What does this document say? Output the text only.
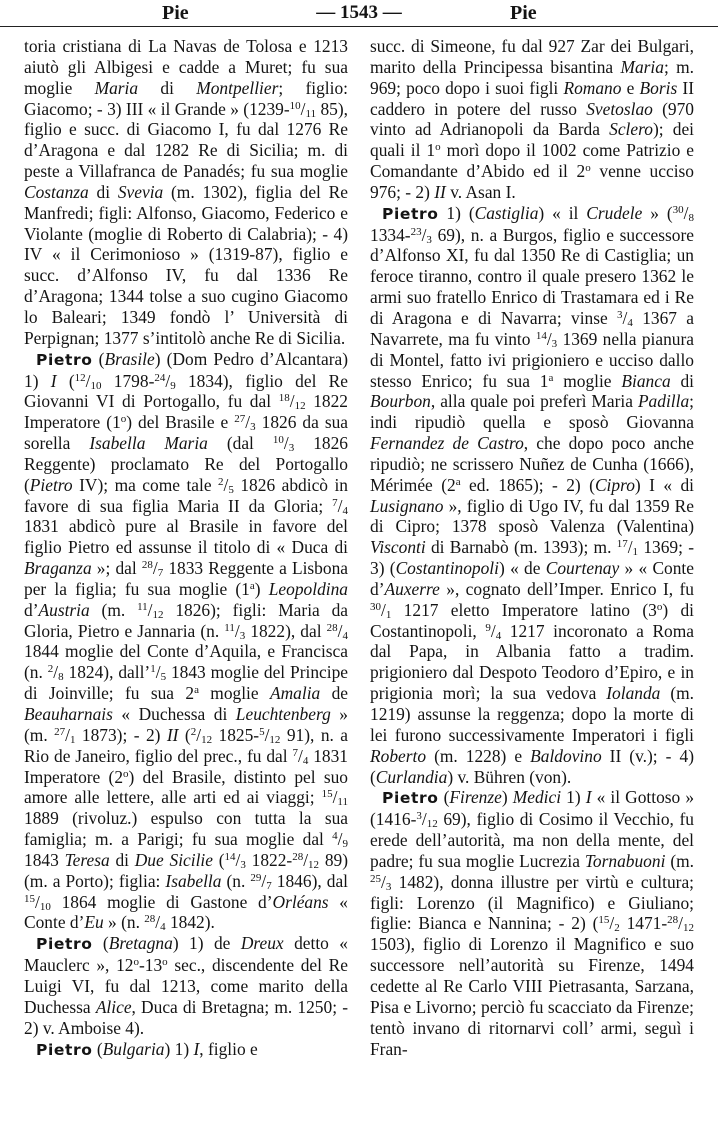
— 1543 —
Pie	Pie

toria cristiana di La Navas de Tolosa e 1213 aiutò gli Albigesi e cadde a Muret; fu sua moglie Maria di Montpellier; figlio: Giacomo; - 3) III « il Grande » ($1239-^{10}/_{11}$ 85), figlio e succ. di Giacomo I, fu dal 1276 Re d’Aragona e dal 1282 Re di Sicilia; m. di peste a Villafranca de Panadés; fu sua moglie Costanza di Svevia (m. 1302), figlia del Re Manfredi; figli: Alfonso, Giacomo, Federico e Violante (moglie di Roberto di Calabria); - 4) IV « il Cerimonioso » (1319-87), figlio e succ. d’Alfonso IV, fu dal 1336 Re d’Aragona; 1344 tolse a suo cugino Giacomo lo Baleari; 1349 fondò l’ Università di Perpignan; 1377 s’intitolò anche Re di Sicilia.

Pietro (Brasile) (Dom Pedro d’Alcantara) 1) I ($^{12}/_{10}$ $1798-^{24}/_9$ 1834), figlio del Re Giovanni VI di Portogallo, fu dal $^{18}/_{12}$ 1822 Imperatore (1$^o$) del Brasile e $^{27}/_3$ 1826 da sua sorella Isabella Maria (dal $^{10}/_3$ 1826 Reggente) proclamato Re del Portogallo (Pietro IV); ma come tale $^2/_5$ 1826 abdicò in favore di sua figlia Maria II da Gloria; $^7/_4$ 1831 abdicò pure al Brasile in favore del figlio Pietro ed assunse il titolo di « Duca di Braganza »; dal $^{28}/_7$ 1833 Reggente a Lisbona per la figlia; fu sua moglie (1$^a$) Leopoldina d’Austria (m. $^{11}/_{12}$ 1826); figli: Maria da Gloria, Pietro e Jannaria (n. $^{11}/_3$ 1822), dal $^{28}/_4$ 1844 moglie del Conte d’Aquila, e Francisca (n. $^2/_8$ 1824), $dall’^1/_5$ 1843 moglie del Principe di Joinville; fu sua 2$^a$ moglie Amalia de Beauharnais « Duchessa di Leuchtenberg » (m. $^{27}/_1$ 1873); - 2) II ($^2/_{12}$ $1825-^5/_{12}$ 91), n. a Rio de Janeiro, figlio del prec., fu dal $^7/_4$ 1831 Imperatore (2$^o$) del Brasile, distinto pel suo amore alle lettere, alle arti ed ai viaggi; $^{15}/_{11}$ 1889 (rivoluz.) espulso con tutta la sua famiglia; m. a Parigi; fu sua moglie dal $^4/_9$ 1843 Teresa di Due Sicilie ($^{14}/_3$ $1822-^{28}/_{12}$ 89) (m. a Porto); figlia: Isabella (n. $^{29}/_7$ 1846), dal $^{15}/_{10}$ 1864 moglie di Gastone d’Orléans « Conte d’Eu » (n. $^{28}/_4$ 1842).

Pietro (Bretagna) 1) de Dreux detto « Mauclerc », 12$^o$-13$^o$ sec., discendente del Re Luigi VI, fu dal 1213, come marito della Duchessa Alice, Duca di Bretagna; m. 1250; - 2) v. Amboise 4).

Pietro (Bulgaria) 1) I, figlio e

succ. di Simeone, fu dal 927 Zar dei Bulgari, marito della Principessa bisantina Maria; m. 969; poco dopo i suoi figli Romano e Boris II caddero in potere del russo Svetoslao (970 vinto ad Adrianopoli da Barda Sclero); dei quali il 1$^o$ morì dopo il 1002 come Patrizio e Comandante d’Abido ed il 2$^o$ venne ucciso 976; - 2) II v. Asan I.

Pietro 1) (Castiglia) « il Crudele » ($^{30}/_8$ $1334-^{23}/_3$ 69), n. a Burgos, figlio e successore d’Alfonso XI, fu dal 1350 Re di Castiglia; un feroce tiranno, contro il quale presero 1362 le armi suo fratello Enrico di Trastamara ed i Re di Aragona e di Navarra; vinse $^3/_4$ 1367 a Navarrete, ma fu vinto $^{14}/_3$ 1369 nella pianura di Montel, fatto ivi prigioniero e ucciso dallo stesso Enrico; fu sua 1$^a$ moglie Bianca di Bourbon, alla quale poi preferì Maria Padilla; indi ripudiò quella e sposò Giovanna Fernandez de Castro, che dopo poco anche ripudiò; ne scrissero Nuñez de Cunha (1666), Mérimée (2$^a$ ed. 1865); - 2) (Cipro) I « di Lusignano », figlio di Ugo IV, fu dal 1359 Re di Cipro; 1378 sposò Valenza (Valentina) Visconti di Barnabò (m. 1393); m. $^{17}/_1$ 1369; - 3) (Costantinopoli) « de Courtenay » « Conte d’Auxerre », cognato dell’Imper. Enrico I, fu $^{30}/_1$ 1217 eletto Imperatore latino (3$^o$) di Costantinopoli, $^9/_4$ 1217 incoronato a Roma dal Papa, in Albania fatto a tradim. prigioniero dal Despoto Teodoro d’Epiro, e in prigionia morì; la sua vedova Iolanda (m. 1219) assunse la reggenza; dopo la morte di lei furono successivamente Imperatori i figli Roberto (m. 1228) e Baldovino II (v.); - 4) (Curlandia) v. Bühren (von).

Pietro (Firenze) Medici 1) I « il Gottoso » ($1416-^3/_{12}$ 69), figlio di Cosimo il Vecchio, fu erede dell’autorità, ma non della mente, del padre; fu sua moglie Lucrezia Tornabuoni (m. $^{25}/_3$ 1482), donna illustre per virtù e cultura; figli: Lorenzo (il Magnifico) e Giuliano; figlie: Bianca e Nannina; - 2) ($^{15}/_2$ $1471-^{28}/_{12}$ 1503), figlio di Lorenzo il Magnifico e suo successore nell’autorità su Firenze, 1494 cedette al Re Carlo VIII Pietrasanta, Sarzana, Pisa e Livorno; perciò fu scacciato da Firenze; tentò invano di ritornarvi coll’ armi, seguì i Fran-
